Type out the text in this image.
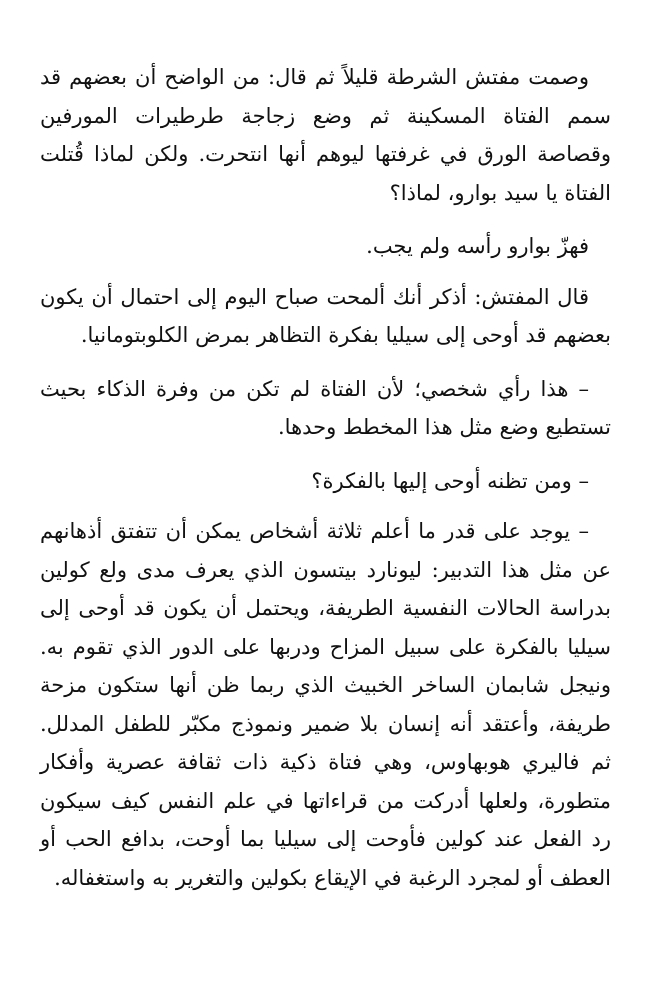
وصمت مفتش الشرطة قليلاً ثم قال: من الواضح أن بعضهم قد سمم الفتاة المسكينة ثم وضع زجاجة طرطيرات المورفين وقصاصة الورق في غرفتها ليوهم أنها انتحرت. ولكن لماذا قُتلت الفتاة يا سيد بوارو، لماذا؟

فهزّ بوارو رأسه ولم يجب.

قال المفتش: أذكر أنك ألمحت صباح اليوم إلى احتمال أن يكون بعضهم قد أوحى إلى سيليا بفكرة التظاهر بمرض الكلوبتومانيا.

– هذا رأي شخصي؛ لأن الفتاة لم تكن من وفرة الذكاء بحيث تستطيع وضع مثل هذا المخطط وحدها.

– ومن تظنه أوحى إليها بالفكرة؟

– يوجد على قدر ما أعلم ثلاثة أشخاص يمكن أن تتفتق أذهانهم عن مثل هذا التدبير: ليونارد بيتسون الذي يعرف مدى ولع كولين بدراسة الحالات النفسية الطريفة، ويحتمل أن يكون قد أوحى إلى سيليا بالفكرة على سبيل المزاح ودربها على الدور الذي تقوم به. ونيجل شابمان الساخر الخبيث الذي ربما ظن أنها ستكون مزحة طريفة، وأعتقد أنه إنسان بلا ضمير ونموذج مكبّر للطفل المدلل. ثم فاليري هوبهاوس، وهي فتاة ذكية ذات ثقافة عصرية وأفكار متطورة، ولعلها أدركت من قراءاتها في علم النفس كيف سيكون رد الفعل عند كولين فأوحت إلى سيليا بما أوحت، بدافع الحب أو العطف أو لمجرد الرغبة في الإيقاع بكولين والتغرير به واستغفاله.
